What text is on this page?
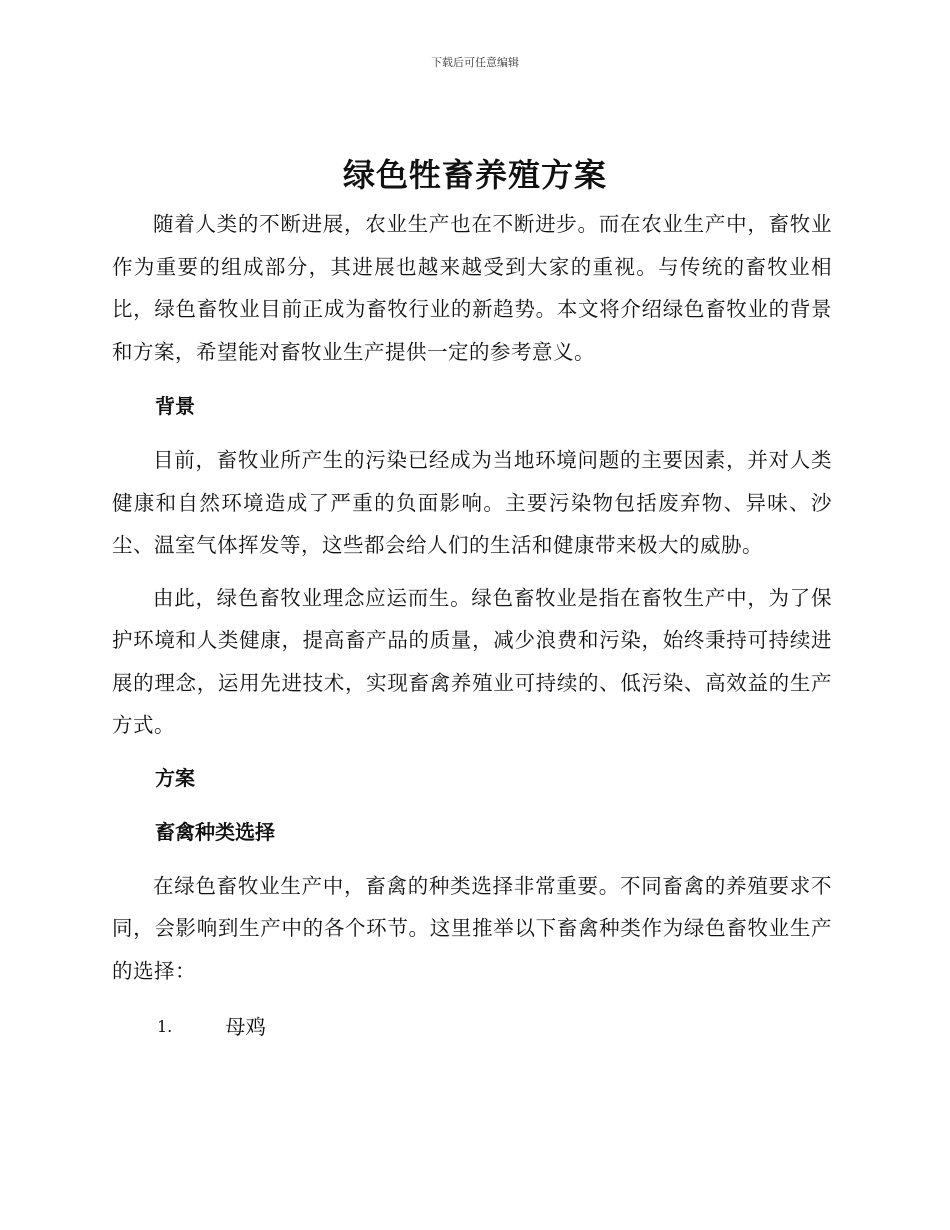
下载后可任意编辑
绿色牲畜养殖方案

随着人类的不断进展，农业生产也在不断进步。而在农业生产中，畜牧业作为重要的组成部分，其进展也越来越受到大家的重视。与传统的畜牧业相比，绿色畜牧业目前正成为畜牧行业的新趋势。本文将介绍绿色畜牧业的背景和方案，希望能对畜牧业生产提供一定的参考意义。

背景

目前，畜牧业所产生的污染已经成为当地环境问题的主要因素，并对人类健康和自然环境造成了严重的负面影响。主要污染物包括废弃物、异味、沙尘、温室气体挥发等，这些都会给人们的生活和健康带来极大的威胁。

由此，绿色畜牧业理念应运而生。绿色畜牧业是指在畜牧生产中，为了保护环境和人类健康，提高畜产品的质量，减少浪费和污染，始终秉持可持续进展的理念，运用先进技术，实现畜禽养殖业可持续的、低污染、高效益的生产方式。

方案
畜禽种类选择

在绿色畜牧业生产中，畜禽的种类选择非常重要。不同畜禽的养殖要求不同，会影响到生产中的各个环节。这里推举以下畜禽种类作为绿色畜牧业生产的选择：

1.	母鸡
